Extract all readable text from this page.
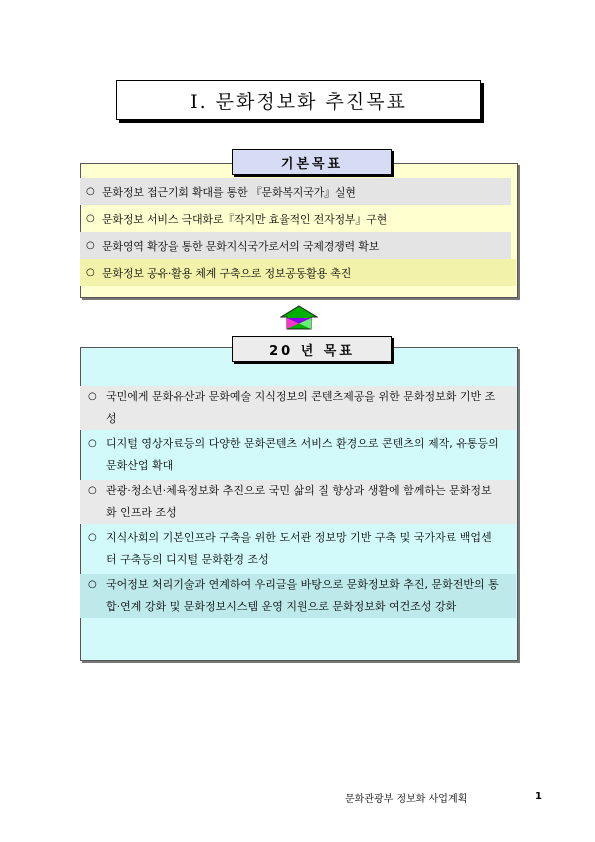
Ⅰ. 문화정보화 추진목표
기본목표
○ 문화정보 접근기회 확대를 통한 『문화복지국가』실현
○ 문화정보 서비스 극대화로『작지만 효율적인 전자정부』구현
○ 문화영역 확장을 통한 문화지식국가로서의 국제경쟁력 확보
○ 문화정보 공유·활용 체계 구축으로 정보공동활용 촉진
20 년 목표
○ 국민에게 문화유산과 문화예술 지식정보의 콘텐츠제공을 위한 문화정보화 기반 조성
○ 디지털 영상자료등의 다양한 문화콘텐츠 서비스 환경으로 콘텐츠의 제작, 유통등의 문화산업 확대
○ 관광·청소년·체육정보화 추진으로 국민 삶의 질 향상과 생활에 함께하는 문화정보화 인프라 조성
○ 지식사회의 기본인프라 구축을 위한 도서관 정보망 기반 구축 및 국가자료 백업센터 구축등의 디지털 문화환경 조성
○ 국어정보 처리기술과 연계하여 우리글을 바탕으로 문화정보화 추진, 문화전반의 통합·연계 강화 및 문화정보시스템 운영 지원으로 문화정보화 여건조성 강화
문화관광부 정보화 사업계획	1
